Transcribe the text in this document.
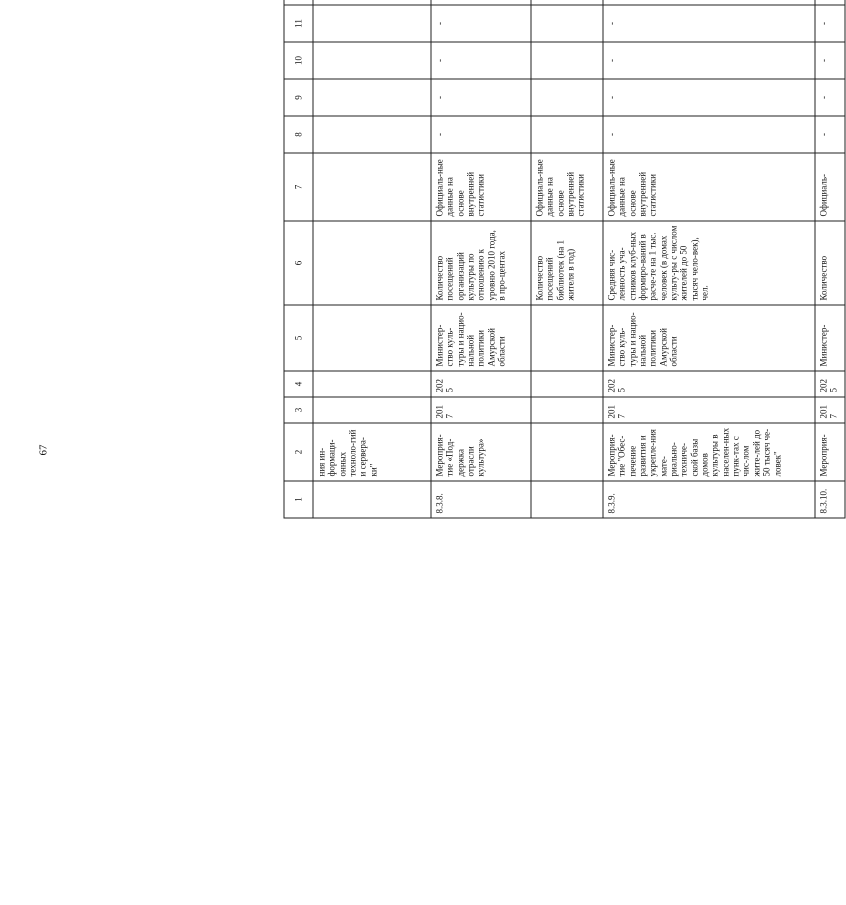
67
1	2	3	4	5	6	7	8	9	10	11									
	ния ин-формаци-онных техноло-гий и сервера-ки"																		
8.3.8.	Мероприя-тие «Под-держка отрасли культура»	2017	2025	Министер-ство куль-туры и нацио-нальной политики Амурской области	Количество посещений организаций культуры по отношению к уровню 2010 года, в про-центах	Официаль-ные данные на основе внутренней статистики	-	-	-	-									
					Количество посещений библиотек (на 1 жителя в год)	Официаль-ные данные на основе внутренней статистики													
8.3.9.	Мероприя-тие "Обес-печение развития и укрепле-ния мате-риально-техниче-ской базы домов культуры в населен-ных пунк-тах с чис-лом жите-лей до 50 тысяч че-ловек"	2017	2025	Министер-ство куль-туры и нацио-нальной политики Амурской области	Средняя чис-ленность уча-стников клуб-ных формиро-ваний в расче-те на 1 тыс. человек (в домах культу-ры с числом жителей до 50 тысяч чело-век), чел.	Официаль-ные данные на основе внутренней статистики	-	-	-	-									
8.3.10.	Мероприя-	2017	2025	Министер-	Количество	Официаль-	-	-	-	-									
